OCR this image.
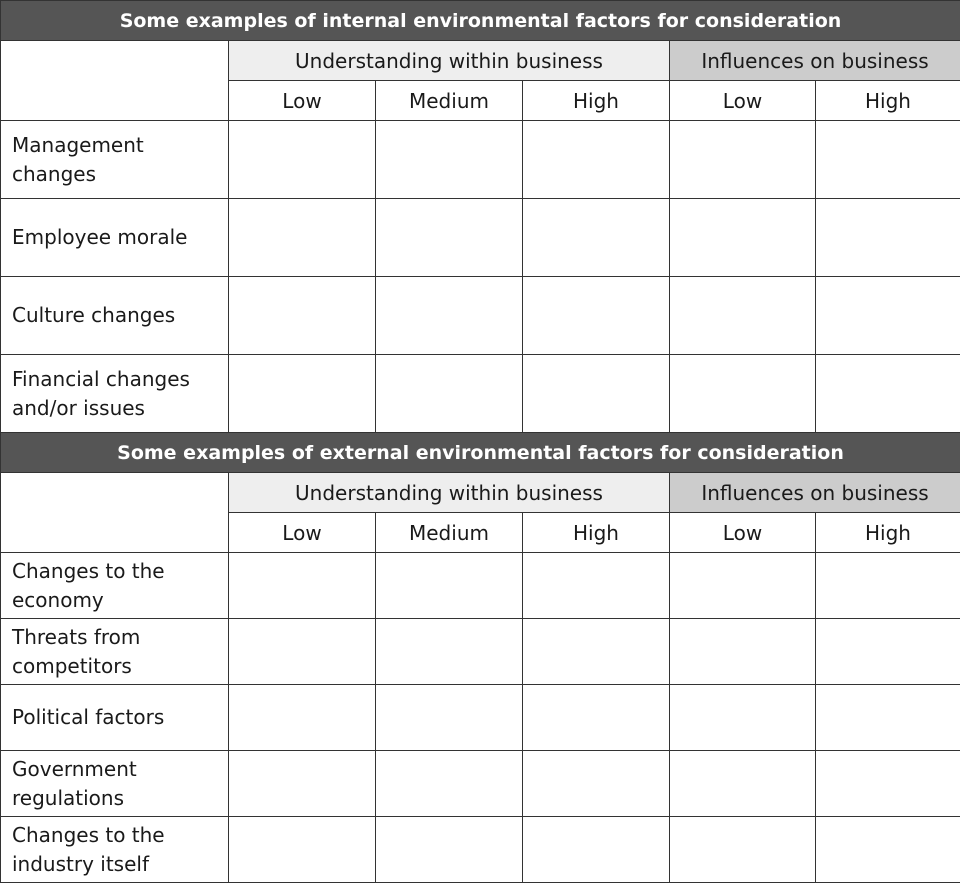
Some examples of internal environmental factors for consideration					
	Understanding within business			Influences on business	
	Low	Medium	High	Low	High
Management changes					
Employee morale					
Culture changes					
Financial changes and/or issues					
Some examples of external environmental factors for consideration					
	Understanding within business			Influences on business	
	Low	Medium	High	Low	High
Changes to the economy					
Threats from competitors					
Political factors					
Government regulations					
Changes to the industry itself					
